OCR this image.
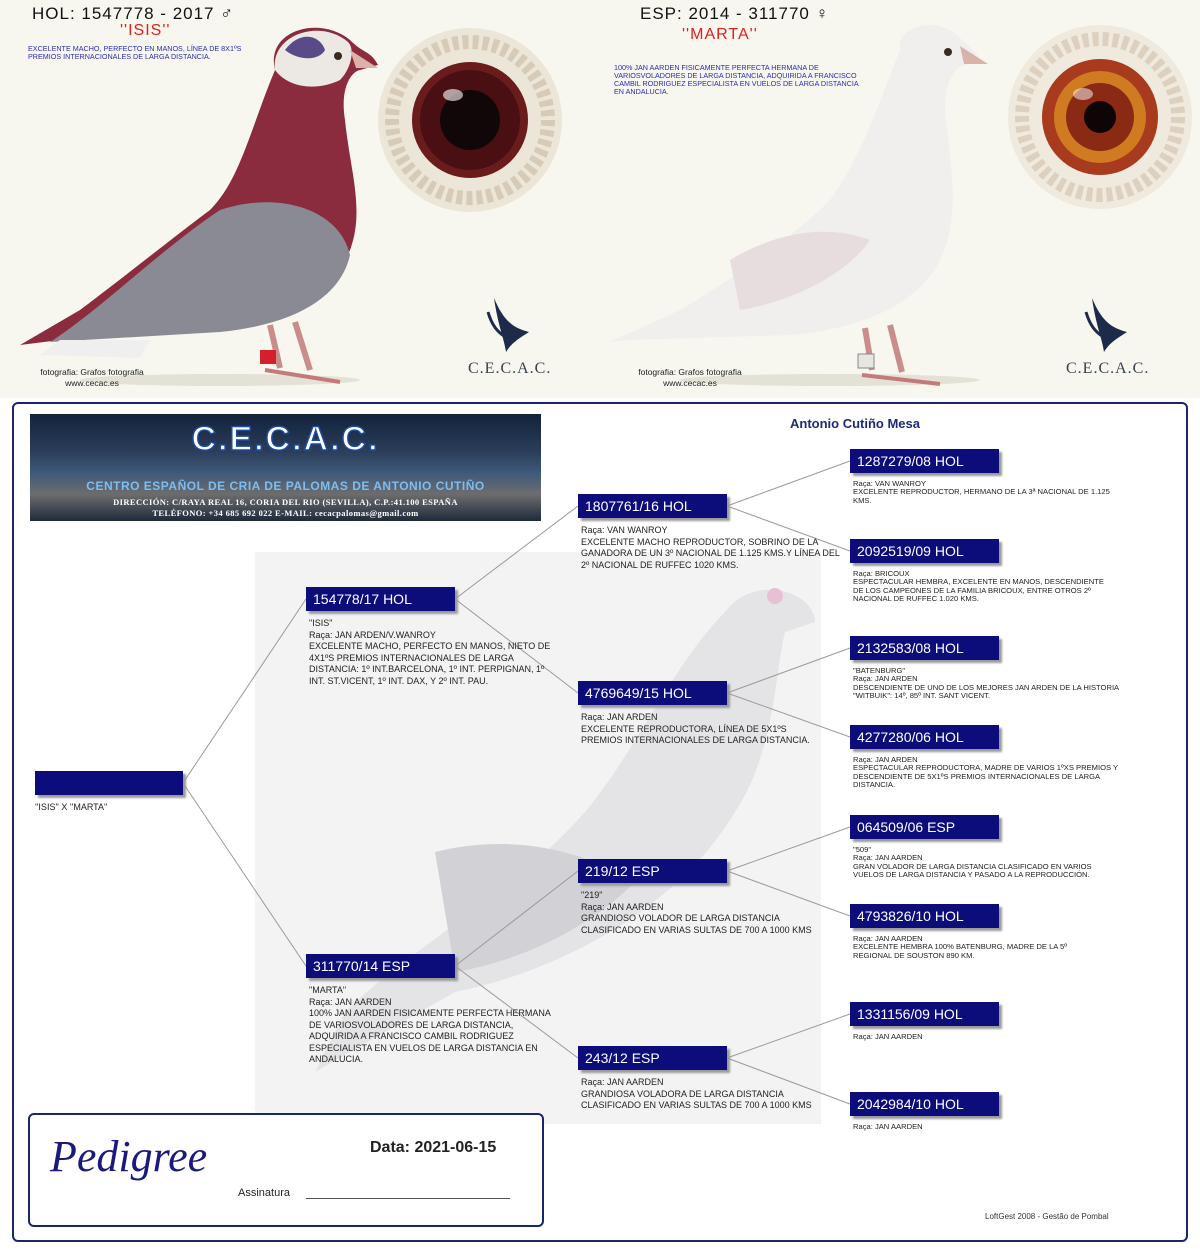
HOL: 1547778 - 2017 ♂
''ISIS''
EXCELENTE MACHO, PERFECTO EN MANOS, LÍNEA DE 8X1ºS PREMIOS INTERNACIONALES DE LARGA DISTANCIA.
fotografia: Grafos fotografia
www.cecac.es
C.E.C.A.C.
ESP: 2014 - 311770 ♀
''MARTA''
100% JAN AARDEN FISICAMENTE PERFECTA HERMANA DE VARIOSVOLADORES DE LARGA DISTANCIA, ADQUIRIDA A FRANCISCO CAMBIL RODRIGUEZ ESPECIALISTA EN VUELOS DE LARGA DISTANCIA EN ANDALUCIA.
fotografia: Grafos fotografia
www.cecac.es
C.E.C.A.C.
C.E.C.A.C.
CENTRO ESPAÑOL DE CRIA DE PALOMAS DE ANTONIO CUTIÑO
DIRECCIÓN: C/RAYA REAL 16, CORIA DEL RIO (SEVILLA), C.P.:41.100 ESPAÑA
TELÉFONO: +34 685 692 022 E-MAIL: cecacpalomas@gmail.com
Antonio Cutiño Mesa
''ISIS'' X ''MARTA''
154778/17 HOL
"ISIS"
Raça: JAN ARDEN/V.WANROY
EXCELENTE MACHO, PERFECTO EN MANOS, NIETO DE 4X1ºS PREMIOS INTERNACIONALES DE LARGA DISTANCIA: 1º INT.BARCELONA, 1º INT. PERPIGNAN, 1º INT. ST.VICENT, 1º INT. DAX, Y 2º INT. PAU.
311770/14 ESP
"MARTA"
Raça: JAN AARDEN
100% JAN AARDEN FISICAMENTE PERFECTA HERMANA DE VARIOSVOLADORES DE LARGA DISTANCIA, ADQUIRIDA A FRANCISCO CAMBIL RODRIGUEZ ESPECIALISTA EN VUELOS DE LARGA DISTANCIA EN ANDALUCIA.
1807761/16 HOL
Raça: VAN WANROY
EXCELENTE MACHO REPRODUCTOR, SOBRINO DE LA GANADORA DE UN 3º NACIONAL DE 1.125 KMS.Y LÍNEA DEL 2º NACIONAL DE RUFFEC 1020 KMS.
4769649/15 HOL
Raça: JAN ARDEN
EXCELENTE REPRODUCTORA, LÍNEA DE 5X1ºS PREMIOS INTERNACIONALES DE LARGA DISTANCIA.
219/12 ESP
"219"
Raça: JAN AARDEN
GRANDIOSO VOLADOR DE LARGA DISTANCIA CLASIFICADO EN VARIAS SULTAS DE 700 A 1000 KMS
243/12 ESP
Raça: JAN AARDEN
GRANDIOSA VOLADORA DE LARGA DISTANCIA CLASIFICADO EN VARIAS SULTAS DE 700 A 1000 KMS
1287279/08 HOL
Raça: VAN WANROY
EXCELENTE REPRODUCTOR, HERMANO DE LA 3ª NACIONAL DE 1.125 KMS.
2092519/09 HOL
Raça: BRICOUX
ESPECTACULAR HEMBRA, EXCELENTE EN MANOS, DESCENDIENTE DE LOS CAMPEONES DE LA FAMILIA BRICOUX, ENTRE OTROS 2º NACIONAL DE RUFFEC 1.020 KMS.
2132583/08 HOL
"BATENBURG"
Raça: JAN ARDEN
DESCENDIENTE DE UNO DE LOS MEJORES JAN ARDEN DE LA HISTORIA "WITBUIK": 14º, 85º INT. SANT VICENT.
4277280/06 HOL
Raça: JAN ARDEN
ESPECTACULAR REPRODUCTORA, MADRE DE VARIOS 1ºXS PREMIOS Y DESCENDIENTE DE 5X1ºS PREMIOS INTERNACIONALES DE LARGA DISTANCIA.
064509/06 ESP
"509"
Raça: JAN AARDEN
GRAN VOLADOR DE LARGA DISTANCIA CLASIFICADO EN VARIOS VUELOS DE LARGA DISTANCIA Y PASADO A LA REPRODUCCIÓN.
4793826/10 HOL
Raça: JAN AARDEN
EXCELENTE HEMBRA 100% BATENBURG, MADRE DE LA 5º REGIONAL DE SOUSTON 890 KM.
1331156/09 HOL
Raça: JAN AARDEN
2042984/10 HOL
Raça: JAN AARDEN
Pedigree	Data: 2021-06-15
Assinatura
LoftGest 2008 - Gestão de Pombal
